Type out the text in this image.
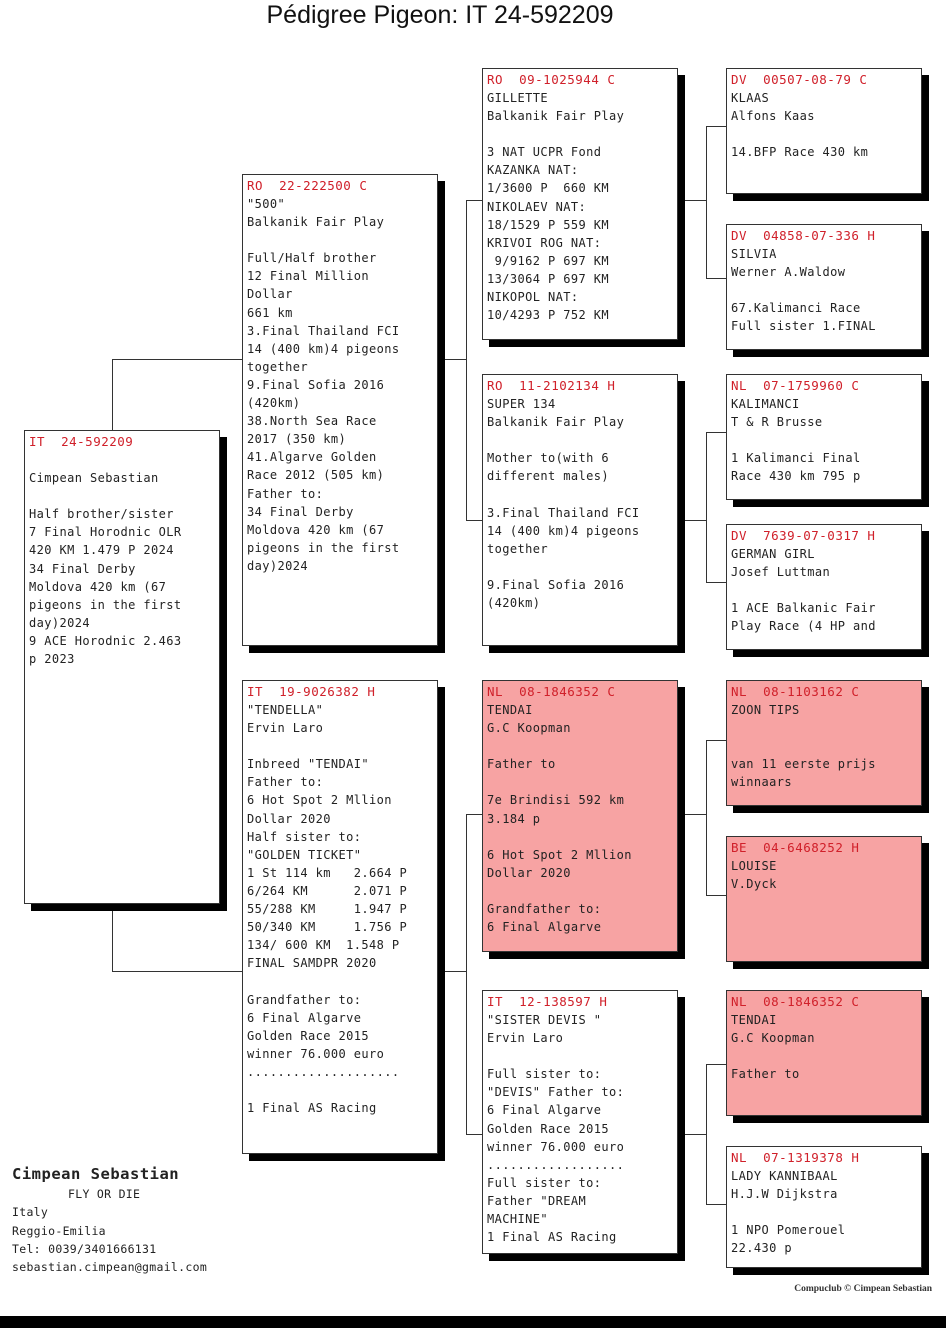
Pédigree Pigeon: IT 24-592209
IT  24-592209

Cimpean Sebastian

Half brother/sister
7 Final Horodnic OLR
420 KM 1.479 P 2024
34 Final Derby
Moldova 420 km (67
pigeons in the first
day)2024
9 ACE Horodnic 2.463
p 2023
RO  22-222500 C
"500"
Balkanik Fair Play

Full/Half brother
12 Final Million
Dollar
661 km
3.Final Thailand FCI
14 (400 km)4 pigeons
together
9.Final Sofia 2016
(420km)
38.North Sea Race
2017 (350 km)
41.Algarve Golden
Race 2012 (505 km)
Father to:
34 Final Derby
Moldova 420 km (67
pigeons in the first
day)2024
IT  19-9026382 H
"TENDELLA"
Ervin Laro

Inbreed "TENDAI"
Father to:
6 Hot Spot 2 Mllion
Dollar 2020
Half sister to:
"GOLDEN TICKET"
1 St 114 km   2.664 P
6/264 KM      2.071 P
55/288 KM     1.947 P
50/340 KM     1.756 P
134/ 600 KM  1.548 P
FINAL SAMDPR 2020

Grandfather to:
6 Final Algarve
Golden Race 2015
winner 76.000 euro
....................

1 Final AS Racing
RO  09-1025944 C
GILLETTE
Balkanik Fair Play

3 NAT UCPR Fond
KAZANKA NAT:
1/3600 P  660 KM
NIKOLAEV NAT:
18/1529 P 559 KM
KRIVOI ROG NAT:
9/9162 P 697 KM
13/3064 P 697 KM
NIKOPOL NAT:
10/4293 P 752 KM
RO  11-2102134 H
SUPER 134
Balkanik Fair Play

Mother to(with 6
different males)

3.Final Thailand FCI
14 (400 km)4 pigeons
together

9.Final Sofia 2016
(420km)
NL  08-1846352 C
TENDAI
G.C Koopman

Father to

7e Brindisi 592 km
3.184 p

6 Hot Spot 2 Mllion
Dollar 2020

Grandfather to:
6 Final Algarve
IT  12-138597 H
"SISTER DEVIS "
Ervin Laro

Full sister to:
"DEVIS" Father to:
6 Final Algarve
Golden Race 2015
winner 76.000 euro
..................
Full sister to:
Father "DREAM
MACHINE"
1 Final AS Racing
DV  00507-08-79 C
KLAAS
Alfons Kaas

14.BFP Race 430 km
DV  04858-07-336 H
SILVIA
Werner A.Waldow

67.Kalimanci Race
Full sister 1.FINAL
NL  07-1759960 C
KALIMANCI
T & R Brusse

1 Kalimanci Final
Race 430 km 795 p
DV  7639-07-0317 H
GERMAN GIRL
Josef Luttman

1 ACE Balkanic Fair
Play Race (4 HP and
NL  08-1103162 C
ZOON TIPS

van 11 eerste prijs
winnaars
BE  04-6468252 H
LOUISE
V.Dyck
NL  08-1846352 C
TENDAI
G.C Koopman

Father to
NL  07-1319378 H
LADY KANNIBAAL
H.J.W Dijkstra

1 NPO Pomerouel
22.430 p
Cimpean Sebastian
FLY OR DIE
Italy
Reggio-Emilia
Tel: 0039/3401666131
sebastian.cimpean@gmail.com
Compuclub © Cimpean Sebastian
